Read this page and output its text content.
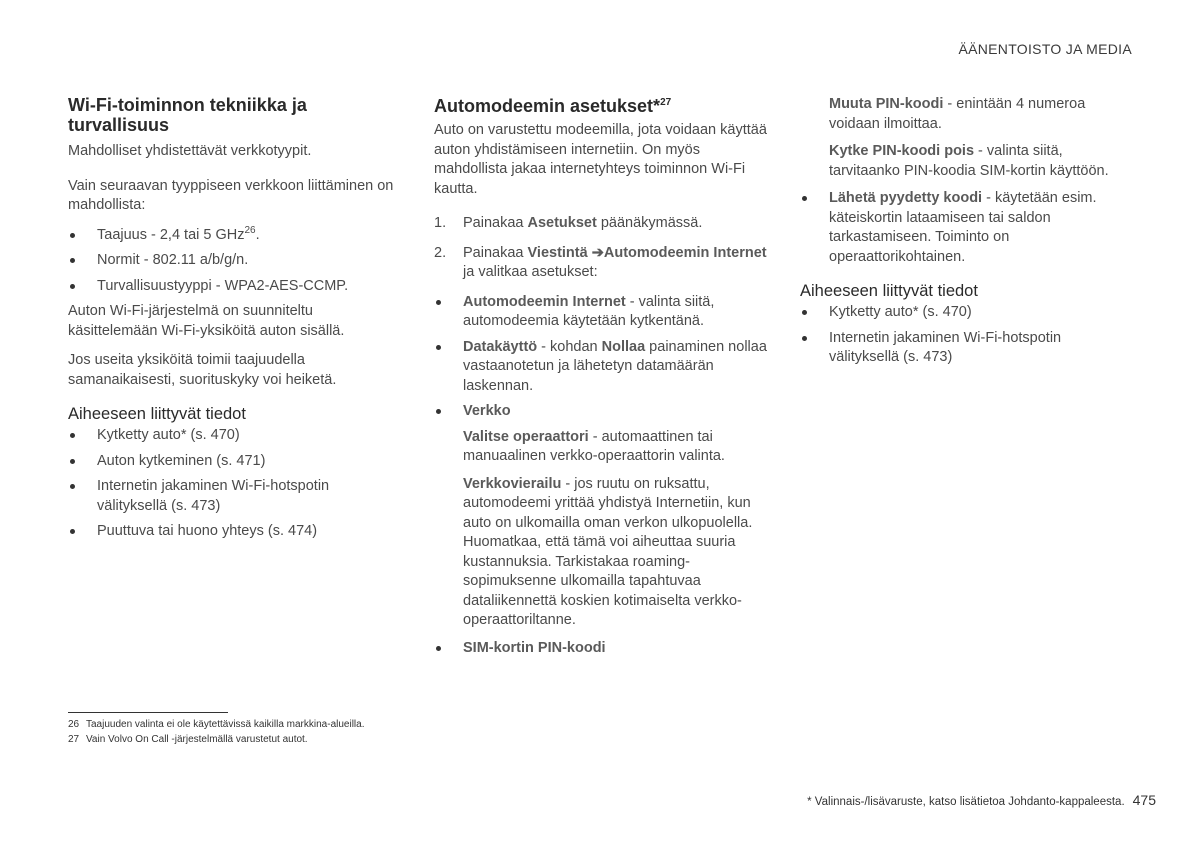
ÄÄNENTOISTO JA MEDIA
Wi-Fi-toiminnon tekniikka ja turvallisuus

Mahdolliset yhdistettävät verkkotyypit.

Vain seuraavan tyyppiseen verkkoon liittäminen on mahdollista:

Taajuus - 2,4 tai 5 GHz$^{26}$.
Normit - 802.11 a/b/g/n.
Turvallisuustyyppi - WPA2-AES-CCMP.

Auton Wi-Fi-järjestelmä on suunniteltu käsittelemään Wi-Fi-yksiköitä auton sisällä.

Jos useita yksiköitä toimii taajuudella samanaikaisesti, suorituskyky voi heiketä.

Aiheeseen liittyvät tiedot
Kytketty auto* (s. 470)
Auton kytkeminen (s. 471)
Internetin jakaminen Wi-Fi-hotspotin välityksellä (s. 473)
Puuttuva tai huono yhteys (s. 474)
Automodeemin asetukset*$^{27}$

Auto on varustettu modeemilla, jota voidaan käyttää auton yhdistämiseen internetiin. On myös mahdollista jakaa internetyhteys toiminnon Wi-Fi kautta.

1. Painakaa Asetukset päänäkymässä.
2. Painakaa Viestintä ➔Automodeemin Internet ja valitkaa asetukset:
Automodeemin Internet - valinta siitä, automodeemia käytetään kytkentänä.
Datakäyttö - kohdan Nollaa painaminen nollaa vastaanotetun ja lähetetyn datamäärän laskennan.
Verkko
Valitse operaattori - automaattinen tai manuaalinen verkko-operaattorin valinta.
Verkkovierailu - jos ruutu on ruksattu, automodeemi yrittää yhdistyä Internetiin, kun auto on ulkomailla oman verkon ulkopuolella. Huomatkaa, että tämä voi aiheuttaa suuria kustannuksia. Tarkistakaa roaming-sopimuksenne ulkomailla tapahtuvaa dataliikennettä koskien kotimaiselta verkko-operaattoriltanne.
SIM-kortin PIN-koodi
Muuta PIN-koodi - enintään 4 numeroa voidaan ilmoittaa.
Kytke PIN-koodi pois - valinta siitä, tarvitaanko PIN-koodia SIM-kortin käyttöön.
Lähetä pyydetty koodi - käytetään esim. käteiskortin lataamiseen tai saldon tarkastamiseen. Toiminto on operaattorikohtainen.
Aiheeseen liittyvät tiedot
Kytketty auto* (s. 470)
Internetin jakaminen Wi-Fi-hotspotin välityksellä (s. 473)
26 Taajuuden valinta ei ole käytettävissä kaikilla markkina-alueilla.
27 Vain Volvo On Call -järjestelmällä varustetut autot.
* Valinnais-/lisävaruste, katso lisätietoa Johdanto-kappaleesta. 475
